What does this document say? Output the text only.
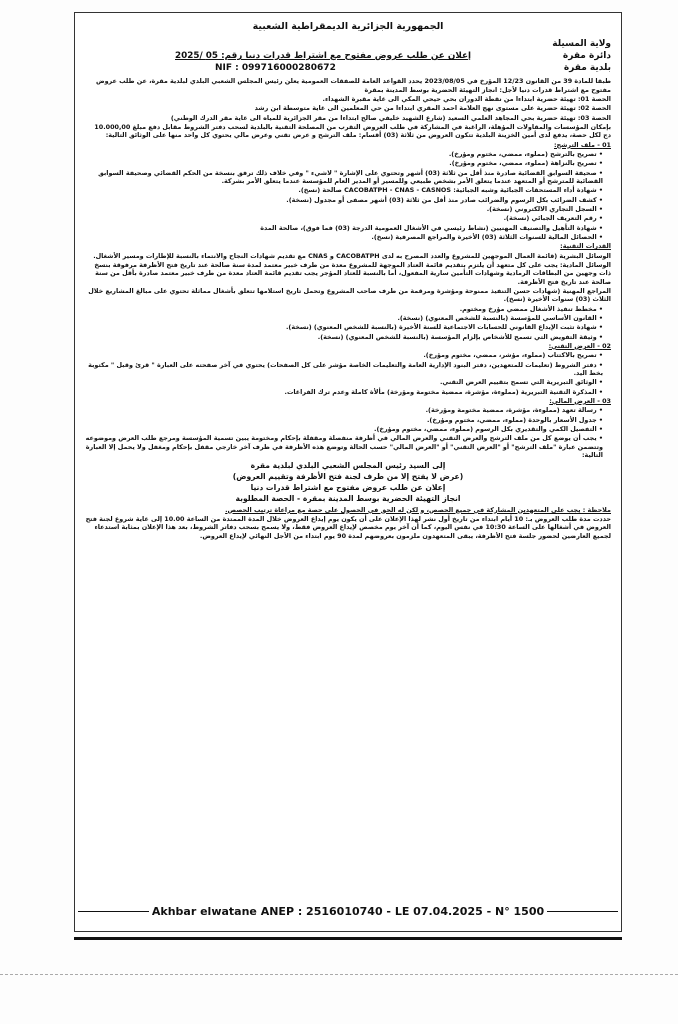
الجمهورية الجزائرية الديمقراطية الشعبية
ولاية المسيلة
دائرة مقرة
إعلان عن طلب عروض مفتوح مع اشتراط قدرات دنيا رقم: 05 /2025
بلدية مقرة
NIF : 099716000280672

طبقا للمادة 39 من القانون 12/23 المؤرخ في 2023/08/05 يحدد القواعد العامة للصفقات العمومية يعلن رئيس المجلس الشعبي البلدي لبلدية مقرة، عن طلب عروض مفتوح مع اشتراط قدرات دنيا لأجل: انجاز التهيئة الحضرية بوسط المدينة بمقرة

الحصة 01: تهيئة حضرية ابتداءا من نقطة الدوران بحي حيحي المكي الى غاية مقبرة الشهداء.

الحصة 02: تهيئة حضرية على مستوى نهج العلامة احمد المقري ابتداءا من حي المعلمين الى غاية متوسطة ابن رشد

الحصة 03: تهيئة حضرية بحي المجاهد العلمي السعيد (شارع الشهيد خليفي صالح ابتداءا من مقر الجزائرية للمياه الى غاية مقر الدرك الوطني)

بإمكان المؤسسات والمقاولات المؤهلة، الراغبة في المشاركة في طلب العروض التقرب من المصلحة التقنية بالبلدية لسحب دفتر الشروط مقابل دفع مبلغ 10.000,00 دج لكل حصة، يدفع لدى أمين الخزينة البلدية تتكون العروض من ثلاثة (03) أقسام: ملف الترشح و عرض تقني وعرض مالي يحتوي كل واحد منها على الوثائق التالية:

01 - ملف الترشح:
• تصريح بالترشح (مملوء، ممضي، مختوم ومؤرخ).
• تصريح بالنزاهة (مملوء، ممضي، مختوم ومؤرخ).
• صحيفة السوابق القضائية صادرة منذ أقل من ثلاثة (03) أشهر وتحتوي على الإشارة " لاشيء " وفي خلاف ذلك ترفق بنسخة من الحكم القضائي وصحيفة السوابق القضائية للمترشح أو المتعهد عندما يتعلق الأمر بشخص طبيعي وللمسير أو المدير العام للمؤسسة عندما يتعلق الأمر بشركة.
• شهادة أداء المستحقات الجبائية وشبه الجبائية: CACOBATPH - CNAS - CASNOS صالحة (نسخ).
• كشف الضرائب بكل الرسوم والضرائب صادر منذ أقل من ثلاثة (03) أشهر مصفى أو مجدول (نسخة).
• السجل التجاري الالكتروني (نسخة).
• رقم التعريف الجبائي (نسخة).
• شهادة التأهيل والتصنيف المهنيين (نشاط رئيسي في الأشغال العمومية الدرجة (03) فما فوق)، صالحة المدة
• الحصائل المالية للسنوات الثلاثة (03) الأخيرة والمراجع المصرفية (نسخ).
القدرات التقنية:

الوسائل البشرية (قائمة العمال الموجهين للمشروع والعدد المصرح به لدى CACOBATPH و CNAS مع تقديم شهادات النجاح والانتماء بالنسبة للإطارات ومسير الأشغال.

الوسائل المادية: يجب على كل متعهد أن يلتزم بتقديم قائمة العتاد الموجهة للمشروع معدة من طرف خبير معتمد لمدة سنة صالحة عند تاريخ فتح الأظرفة مرفوقة بنسخ ذات وجهين من البطاقات الرمادية وشهادات التأمين سارية المفعول، أما بالنسبة للعتاد المؤجر يجب تقديم قائمة العتاد معدة من طرف خبير معتمد صادرة بأقل من سنة صالحة عند تاريخ فتح الأظرفة.

المراجع المهنية (شهادات حسن التنفيذ ممنوحة ومؤشرة ومرقمة من طرف صاحب المشروع وتحمل تاريخ استلامها تتعلق بأشغال مماثلة تحتوي على مبالغ المشاريع خلال الثلاث (03) سنوات الأخيرة (نسخ).

• مخطط تنفيذ الأشغال ممضي مؤرخ ومختوم.
• القانون الأساسي للمؤسسة (بالنسبة للشخص المعنوي) (نسخة).
• شهادة تثبت الإيداع القانوني للحسابات الاجتماعية للسنة الأخيرة (بالنسبة للشخص المعنوي) (نسخة).
• وثيقة التفويض التي تسمح للأشخاص بإلزام المؤسسة (بالنسبة للشخص المعنوي) (نسخة).
02 - العرض التقني:
• تصريح بالاكتتاب (مملوء، مؤشر، ممضي، مختوم ومؤرخ).
• دفتر الشروط (تعليمات للمتعهدين، دفتر البنود الإدارية العامة والتعليمات الخاصة مؤشر على كل الصفحات) يحتوي في آخر صفحته على العبارة " قرئ وقبل " مكتوبة بخط اليد.
• الوثائق التبريرية التي تسمح بتقييم العرض التقني.
• المذكرة التقنية التبريرية (مملوءة، مؤشرة، ممضية مختومة ومؤرخة) مألأة كاملة وعدم ترك الفراغات.
03 - العرض المالي:
• رسالة تعهد (مملوءة، مؤشرة، ممضية مختومة ومؤرخة).
• جدول الأسعار بالوحدة (مملوء، ممضي، مختوم ومؤرخ).
• التفصيل الكمي والتقديري بكل الرسوم (مملوء، ممضي، مختوم ومؤرخ).
• يجب أن يوضع كل من ملف الترشح والعرض التقني والعرض المالي في أظرفة منفصلة ومقفلة بإحكام ومختومة يبين تسمية المؤسسة ومرجع طلب العرض وموضوعه وتتضمن عبارة "ملف الترشح" أو "العرض التقني" أو "العرض المالي" حسب الحالة وتوضع هذه الأظرفة في ظرف آخر خارجي مقفل بإحكام ومغفل ولا يحمل إلا العبارة التالية:
إلى السيد رئيس المجلس الشعبي البلدي لبلدية مقرة
(عرض لا يفتح إلا من طرف لجنة فتح الأظرفة وتقييم العروض)
إعلان عن طلب عروض مفتوح مع اشتراط قدرات دنيا
انجاز التهيئة الحضرية بوسط المدينة بمقرة - الحصة المطلوبة

ملاحظة : يجب على المتعهدين المشاركة في جميع الحصص، و لكن له الحق في الحصول على حصة مع مراعاة ترتيب الحصص.

حددت مدة طلب العروض بـ: 10 أيام ابتداء من تاريخ أول نشر لهذا الإعلان على أن يكون يوم إيداع العروض خلال المدة الممتدة من الساعة 10.00 إلى غاية شروع لجنة فتح العروض في أشغالها على الساعة 10:30 في نفس اليوم، كما أن آخر يوم مخصص لإيداع العروض فقط، ولا يسمح بسحب دفاتر الشروط، بعد هذا الإعلان بمثابة استدعاء لجميع العارضين لحضور جلسة فتح الأظرفة، يبقى المتعهدون ملزمون بعروضهم لمدة 90 يوم ابتداء من الأجل النهائي لإيداع العروض.

Akhbar elwatane ANEP : 2516010740 - LE 07.04.2025 - N° 1500
